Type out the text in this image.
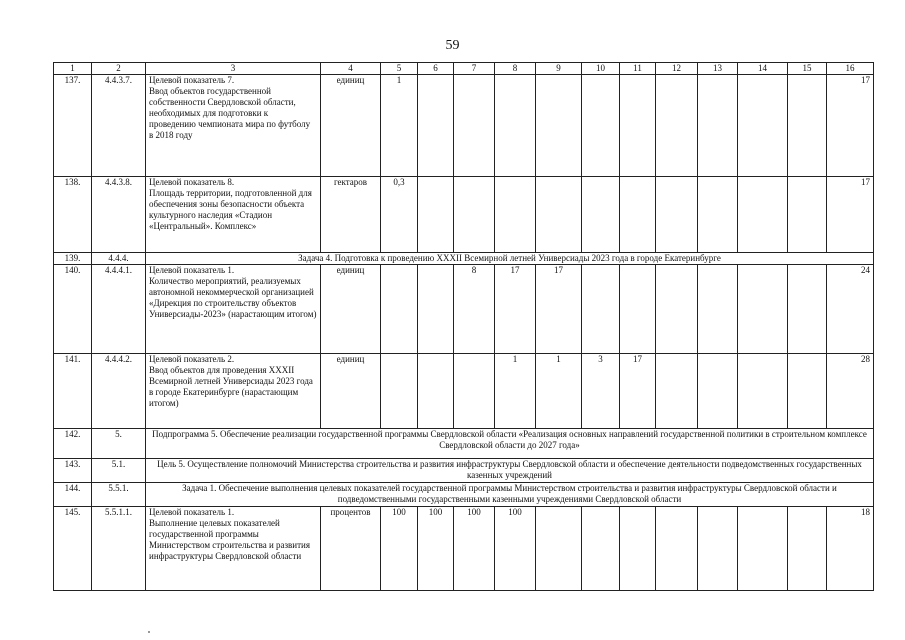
59
1	2	3	4	5	6	7	8	9	10	11	12	13	14	15	16
137.	4.4.3.7.	Целевой показатель 7.
Ввод объектов государственной собственности Свердловской области, необходимых для подготовки к проведению чемпионата мира по футболу
в 2018 году	единиц	1											17
138.	4.4.3.8.	Целевой показатель 8.
Площадь территории, подготовленной для обеспечения зоны безопасности объекта культурного наследия «Стадион «Центральный». Комплекс»	гектаров	0,3											17
139.	4.4.4.	Задача 4. Подготовка к проведению XXXII Всемирной летней Универсиады 2023 года в городе Екатеринбурге													
140.	4.4.4.1.	Целевой показатель 1.
Количество мероприятий, реализуемых автономной некоммерческой организацией «Дирекция по строительству объектов Универсиады-2023» (нарастающим итогом)	единиц			8	17	17							24
141.	4.4.4.2.	Целевой показатель 2.
Ввод объектов для проведения XXXII Всемирной летней Универсиады 2023 года
в городе Екатеринбурге (нарастающим итогом)	единиц				1	1	3	17					28
142.	5.	Подпрограмма 5. Обеспечение реализации государственной программы Свердловской области «Реализация основных направлений государственной политики в строительном комплексе Свердловской области до 2027 года»													
143.	5.1.	Цель 5. Осуществление полномочий Министерства строительства и развития инфраструктуры Свердловской области и обеспечение деятельности подведомственных государственных казенных учреждений													
144.	5.5.1.	Задача 1. Обеспечение выполнения целевых показателей государственной программы Министерством строительства и развития инфраструктуры Свердловской области и подведомственными государственными казенными учреждениями Свердловской области													
145.	5.5.1.1.	Целевой показатель 1.
Выполнение целевых показателей государственной программы Министерством строительства и развития инфраструктуры Свердловской области	процентов	100	100	100	100								18
